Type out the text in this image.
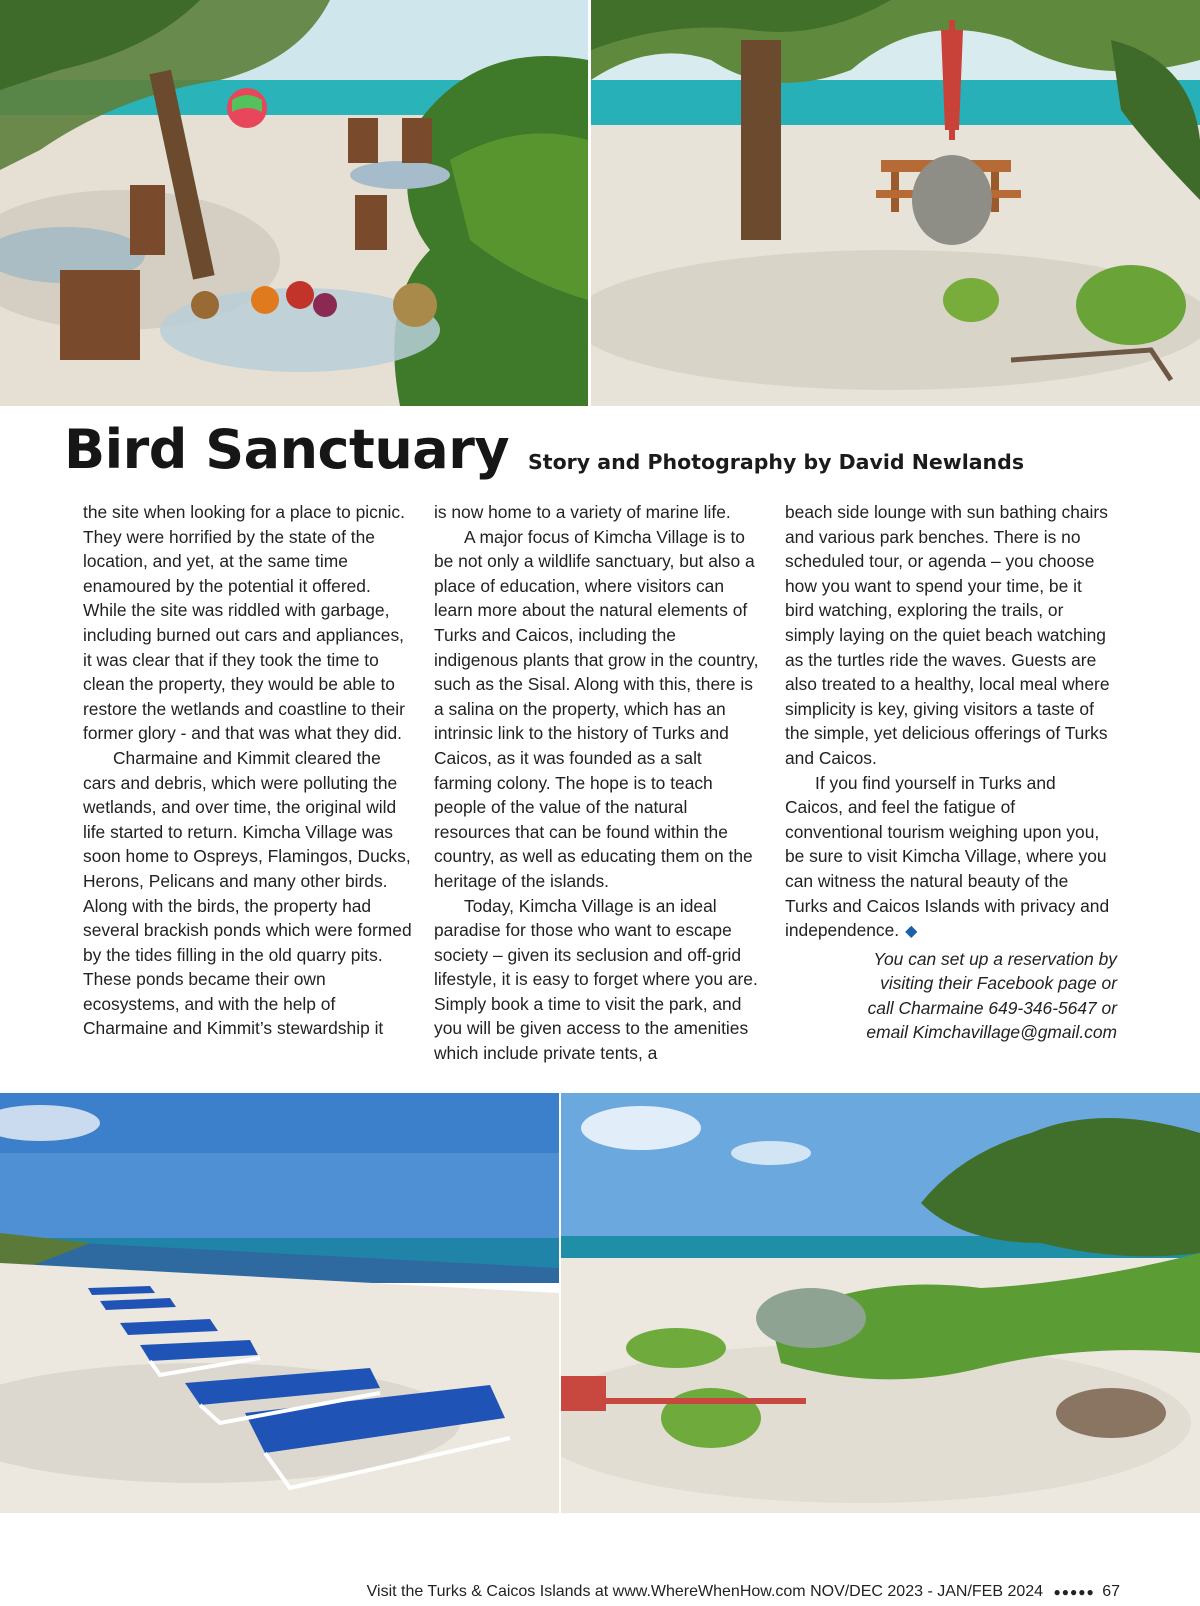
Bird Sanctuary Story and Photography by David Newlands

the site when looking for a place to picnic. They were horrified by the state of the location, and yet, at the same time enamoured by the potential it offered. While the site was riddled with garbage, including burned out cars and appliances, it was clear that if they took the time to clean the property, they would be able to restore the wetlands and coastline to their former glory - and that was what they did.

Charmaine and Kimmit cleared the cars and debris, which were polluting the wetlands, and over time, the original wild life started to return. Kimcha Village was soon home to Ospreys, Flamingos, Ducks, Herons, Pelicans and many other birds. Along with the birds, the property had several brackish ponds which were formed by the tides filling in the old quarry pits. These ponds became their own ecosystems, and with the help of Charmaine and Kimmit’s stewardship it

is now home to a variety of marine life.

A major focus of Kimcha Village is to be not only a wildlife sanctuary, but also a place of education, where visitors can learn more about the natural elements of Turks and Caicos, including the indigenous plants that grow in the country, such as the Sisal. Along with this, there is a salina on the property, which has an intrinsic link to the history of Turks and Caicos, as it was founded as a salt farming colony. The hope is to teach people of the value of the natural resources that can be found within the country, as well as educating them on the heritage of the islands.

Today, Kimcha Village is an ideal paradise for those who want to escape society – given its seclusion and off-grid lifestyle, it is easy to forget where you are. Simply book a time to visit the park, and you will be given access to the amenities which include private tents, a

beach side lounge with sun bathing chairs and various park benches. There is no scheduled tour, or agenda – you choose how you want to spend your time, be it bird watching, exploring the trails, or simply laying on the quiet beach watching as the turtles ride the waves. Guests are also treated to a healthy, local meal where simplicity is key, giving visitors a taste of the simple, yet delicious offerings of Turks and Caicos.

If you find yourself in Turks and Caicos, and feel the fatigue of conventional tourism weighing upon you, be sure to visit Kimcha Village, where you can witness the natural beauty of the Turks and Caicos Islands with privacy and independence. ◆

You can set up a reservation by
visiting their Facebook page or
call Charmaine 649-346-5647 or
email Kimchavillage@gmail.com
Visit the Turks & Caicos Islands at www.WhereWhenHow.com NOV/DEC 2023 - JAN/FEB 2024 ●●●●● 67
